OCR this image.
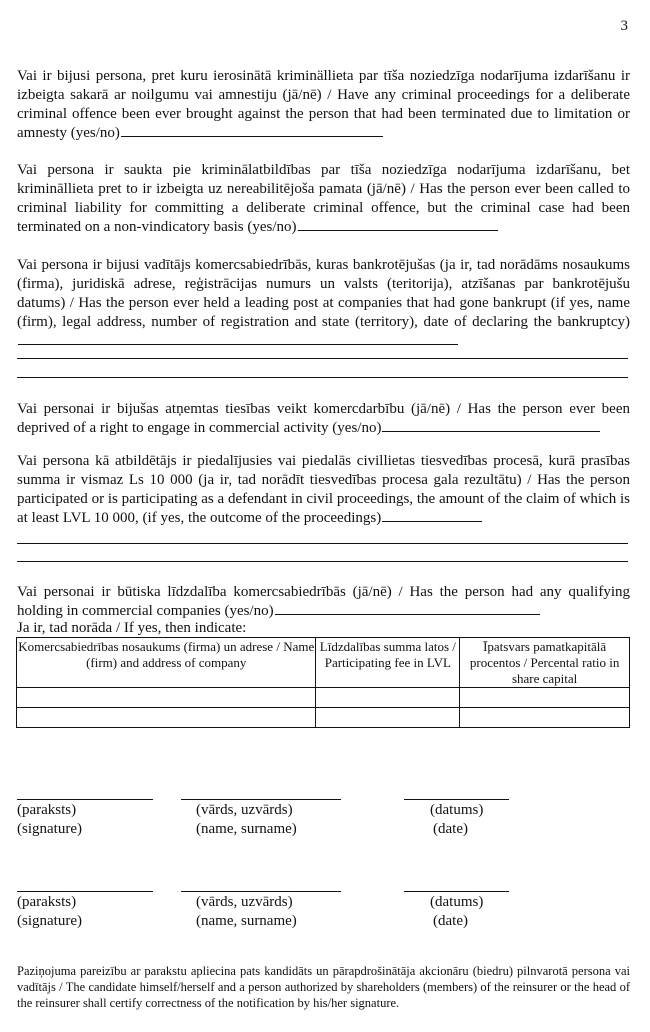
3
Vai ir bijusi persona, pret kuru ierosinātā kriminällieta par tīša noziedzīga nodarījuma izdarīšanu ir izbeigta sakarā ar noilgumu vai amnestiju (jā/nē) / Have any criminal proceedings for a deliberate criminal offence been ever brought against the person that had been terminated due to limitation or amnesty (yes/no)
Vai persona ir saukta pie kriminālatbildības par tīša noziedzīga nodarījuma izdarīšanu, bet krimināllieta pret to ir izbeigta uz nereabilitējoša pamata (jā/nē) / Has the person ever been called to criminal liability for committing a deliberate criminal offence, but the criminal case had been terminated on a non-vindicatory basis (yes/no)
Vai persona ir bijusi vadītājs komercsabiedrībās, kuras bankrotējušas (ja ir, tad norādāms nosaukums (firma), juridiskā adrese, reģistrācijas numurs un valsts (teritorija), atzīšanas par bankrotējušu datums) / Has the person ever held a leading post at companies that had gone bankrupt (if yes, name (firm), legal address, number of registration and state (territory), date of declaring the bankruptcy)
Vai personai ir bijušas atņemtas tiesības veikt komercdarbību (jā/nē) / Has the person ever been deprived of a right to engage in commercial activity (yes/no)
Vai persona kā atbildētājs ir piedalījusies vai piedalās civillietas tiesvedības procesā, kurā prasības summa ir vismaz Ls 10 000 (ja ir, tad norādīt tiesvedības procesa gala rezultātu) / Has the person participated or is participating as a defendant in civil proceedings, the amount of the claim of which is at least LVL 10 000, (if yes, the outcome of the proceedings)
Vai personai ir būtiska līdzdalība komercsabiedrībās (jā/nē) / Has the person had any qualifying holding in commercial companies (yes/no)
Ja ir, tad norāda / If yes, then indicate:
Komercsabiedrības nosaukums (firma) un adrese / Name (firm) and address of company	Līdzdalības summa latos / Participating fee in LVL	Īpatsvars pamatkapitālā procentos / Percental ratio in share capital

(paraksts)
(signature)
(vārds, uzvārds)
(name, surname)
(datums)
(date)
(paraksts)
(signature)
(vārds, uzvārds)
(name, surname)
(datums)
(date)
Paziņojuma pareizību ar parakstu apliecina pats kandidāts un pārapdrošinātāja akcionāru (biedru) pilnvarotā persona vai vadītājs / The candidate himself/herself and a person authorized by shareholders (members) of the reinsurer or the head of the reinsurer shall certify correctness of the notification by his/her signature.
